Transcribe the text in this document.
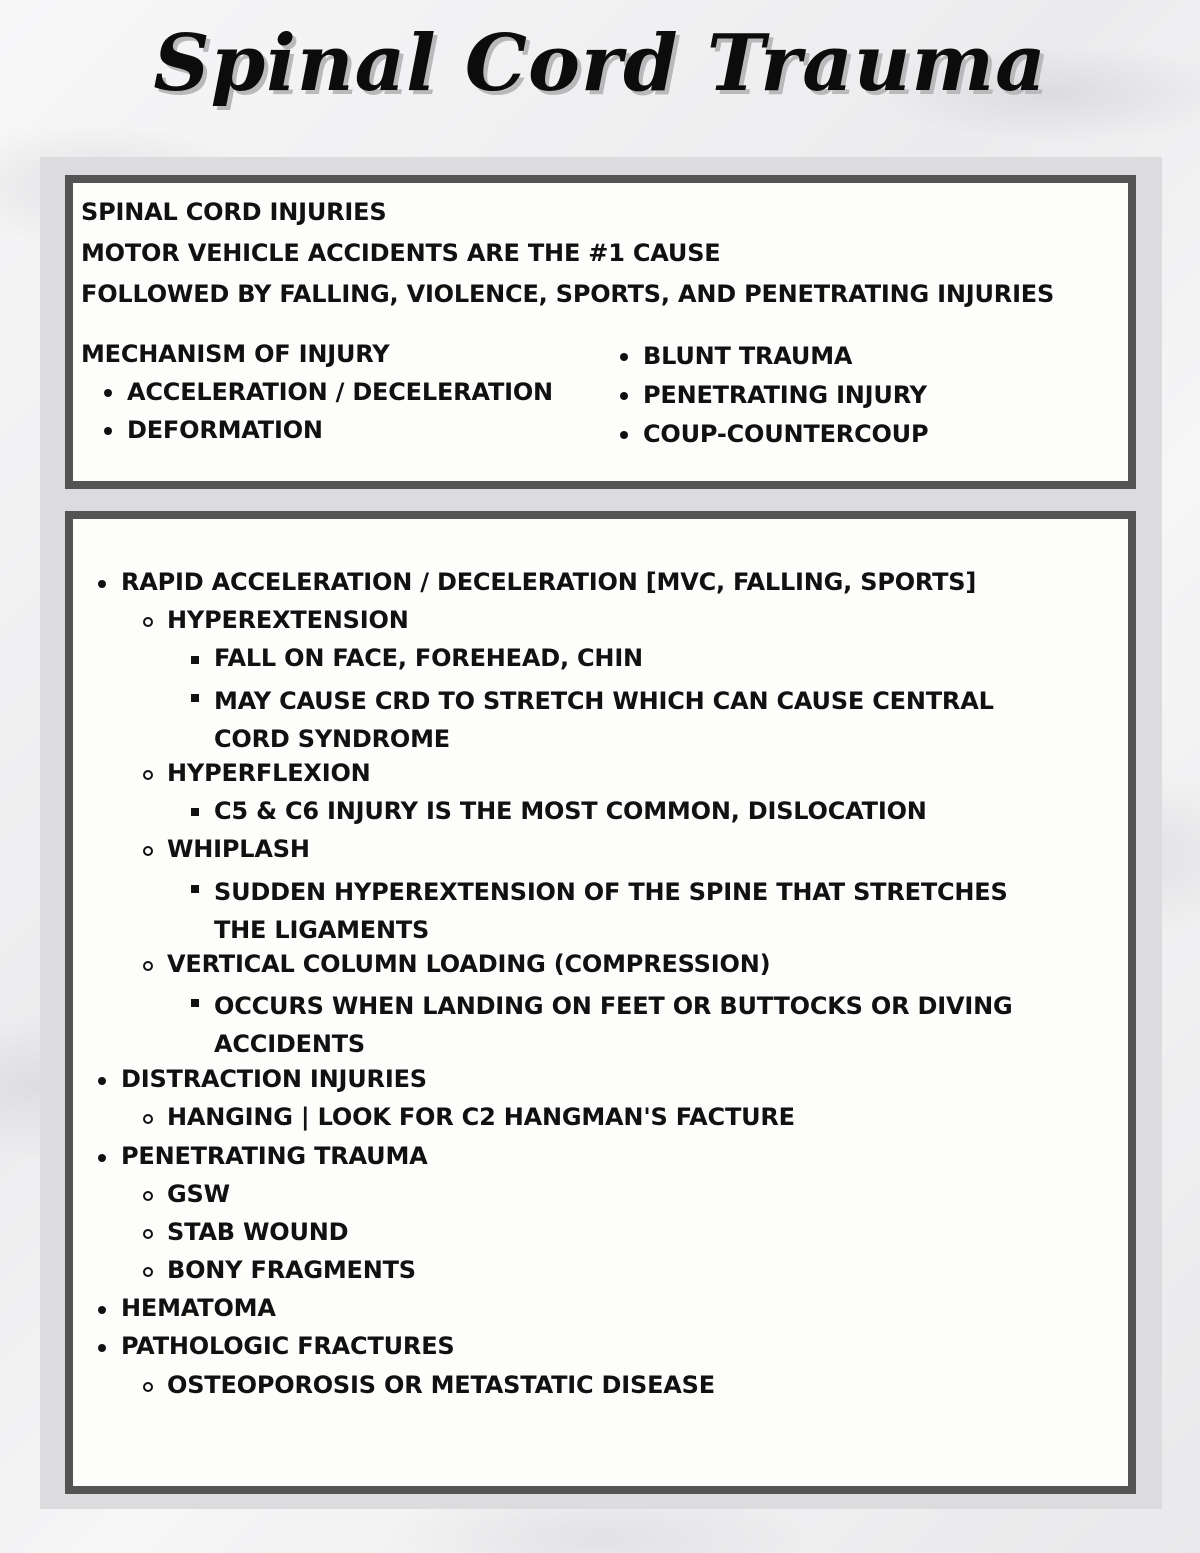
Spinal Cord Trauma
SPINAL CORD INJURIES
MOTOR VEHICLE ACCIDENTS ARE THE #1 CAUSE
FOLLOWED BY FALLING, VIOLENCE, SPORTS, AND PENETRATING INJURIES
MECHANISM OF INJURY
ACCELERATION / DECELERATION
DEFORMATION
BLUNT TRAUMA
PENETRATING INJURY
COUP-COUNTERCOUP
RAPID ACCELERATION / DECELERATION [MVC, FALLING, SPORTS]
HYPEREXTENSION
FALL ON FACE, FOREHEAD, CHIN
MAY CAUSE CRD TO STRETCH WHICH CAN CAUSE CENTRAL CORD SYNDROME
HYPERFLEXION
C5 & C6 INJURY IS THE MOST COMMON, DISLOCATION
WHIPLASH
SUDDEN HYPEREXTENSION OF THE SPINE THAT STRETCHES THE LIGAMENTS
VERTICAL COLUMN LOADING (COMPRESSION)
OCCURS WHEN LANDING ON FEET OR BUTTOCKS OR DIVING ACCIDENTS
DISTRACTION INJURIES
HANGING | LOOK FOR C2 HANGMAN'S FACTURE
PENETRATING TRAUMA
GSW
STAB WOUND
BONY FRAGMENTS
HEMATOMA
PATHOLOGIC FRACTURES
OSTEOPOROSIS OR METASTATIC DISEASE
